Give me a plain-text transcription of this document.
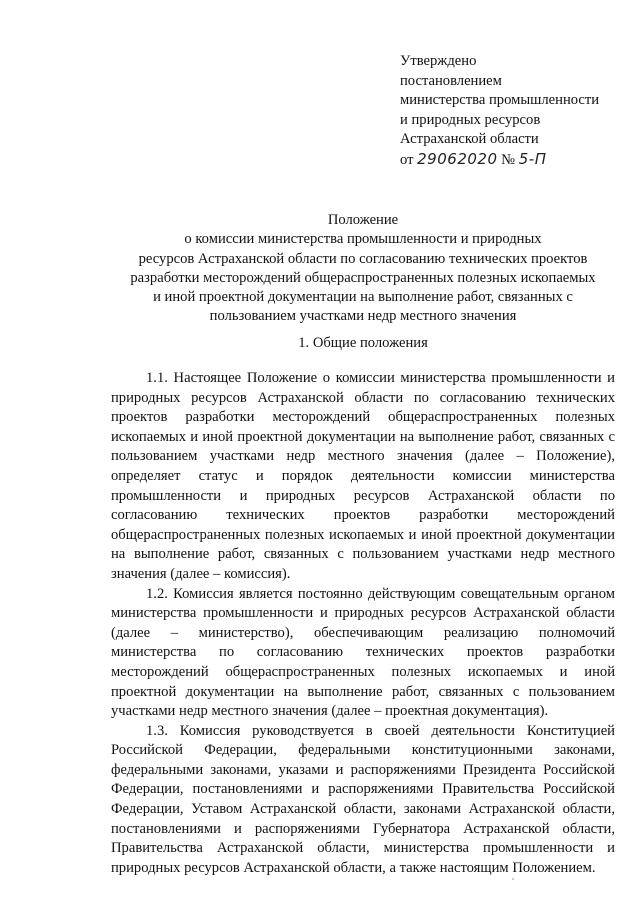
Утверждено
постановлением
министерства промышленности
и природных ресурсов
Астраханской области
от 29062020 № 5-П
Положение
о комиссии министерства промышленности и природных
ресурсов Астраханской области по согласованию технических проектов
разработки месторождений общераспространенных полезных ископаемых
и иной проектной документации на выполнение работ, связанных с
пользованием участками недр местного значения
1. Общие положения

1.1. Настоящее Положение о комиссии министерства промышленности и природных ресурсов Астраханской области по согласованию технических проектов разработки месторождений общераспространенных полезных ископаемых и иной проектной документации на выполнение работ, связанных с пользованием участками недр местного значения (далее – Положение), определяет статус и порядок деятельности комиссии министерства промышленности и природных ресурсов Астраханской области по согласованию технических проектов разработки месторождений общераспространенных полезных ископаемых и иной проектной документации на выполнение работ, связанных с пользованием участками недр местного значения (далее – комиссия).

1.2. Комиссия является постоянно действующим совещательным органом министерства промышленности и природных ресурсов Астраханской области (далее – министерство), обеспечивающим реализацию полномочий министерства по согласованию технических проектов разработки месторождений общераспространенных полезных ископаемых и иной проектной документации на выполнение работ, связанных с пользованием участками недр местного значения (далее – проектная документация).

1.3. Комиссия руководствуется в своей деятельности Конституцией Российской Федерации, федеральными конституционными законами, федеральными законами, указами и распоряжениями Президента Российской Федерации, постановлениями и распоряжениями Правительства Российской Федерации, Уставом Астраханской области, законами Астраханской области, постановлениями и распоряжениями Губернатора Астраханской области, Правительства Астраханской области, министерства промышленности и природных ресурсов Астраханской области, а также настоящим Положением.
